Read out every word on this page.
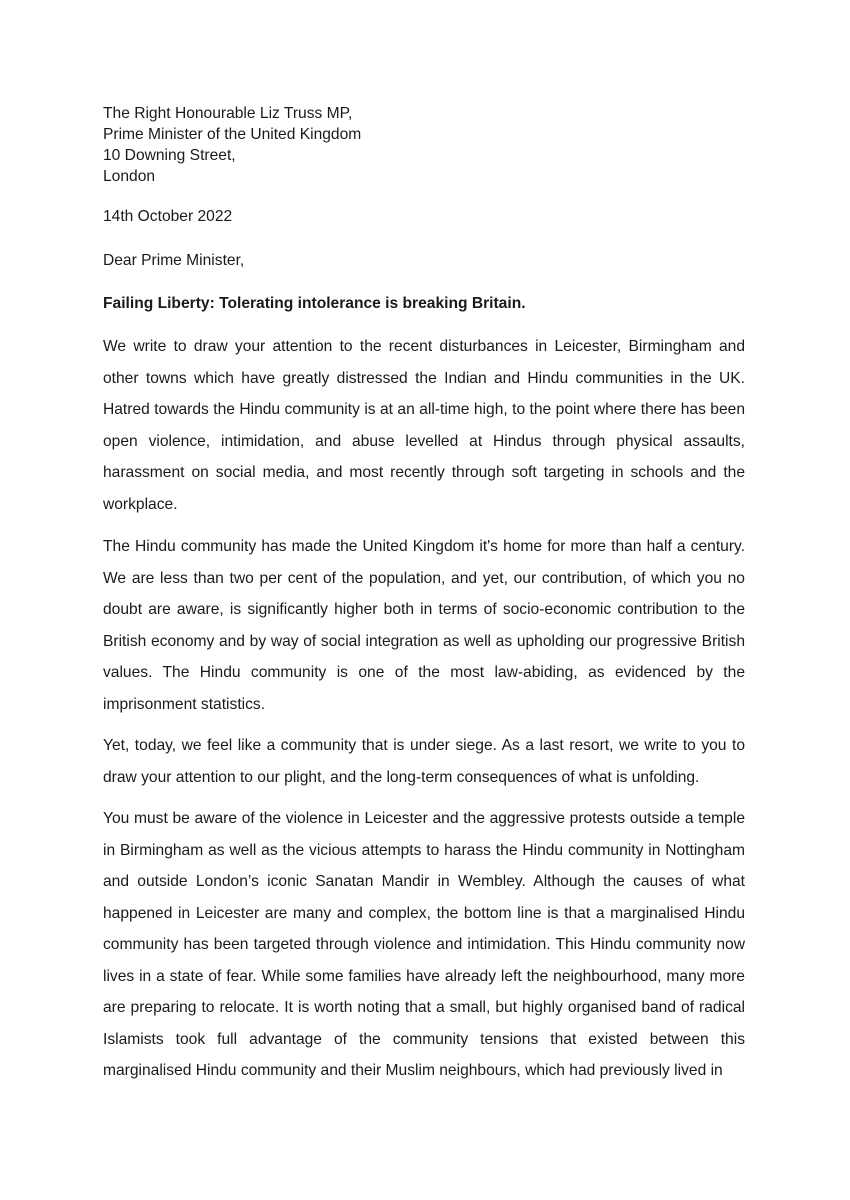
The Right Honourable Liz Truss MP,
Prime Minister of the United Kingdom
10 Downing Street,
London
14th October 2022
Dear Prime Minister,
Failing Liberty: Tolerating intolerance is breaking Britain.

We write to draw your attention to the recent disturbances in Leicester, Birmingham and other towns which have greatly distressed the Indian and Hindu communities in the UK. Hatred towards the Hindu community is at an all-time high, to the point where there has been open violence, intimidation, and abuse levelled at Hindus through physical assaults, harassment on social media, and most recently through soft targeting in schools and the workplace.

The Hindu community has made the United Kingdom it's home for more than half a century. We are less than two per cent of the population, and yet, our contribution, of which you no doubt are aware, is significantly higher both in terms of socio-economic contribution to the British economy and by way of social integration as well as upholding our progressive British values. The Hindu community is one of the most law-abiding, as evidenced by the imprisonment statistics.

Yet, today, we feel like a community that is under siege. As a last resort, we write to you to draw your attention to our plight, and the long-term consequences of what is unfolding.

You must be aware of the violence in Leicester and the aggressive protests outside a temple in Birmingham as well as the vicious attempts to harass the Hindu community in Nottingham and outside London’s iconic Sanatan Mandir in Wembley. Although the causes of what happened in Leicester are many and complex, the bottom line is that a marginalised Hindu community has been targeted through violence and intimidation. This Hindu community now lives in a state of fear. While some families have already left the neighbourhood, many more are preparing to relocate. It is worth noting that a small, but highly organised band of radical Islamists took full advantage of the community tensions that existed between this marginalised Hindu community and their Muslim neighbours, which had previously lived in
